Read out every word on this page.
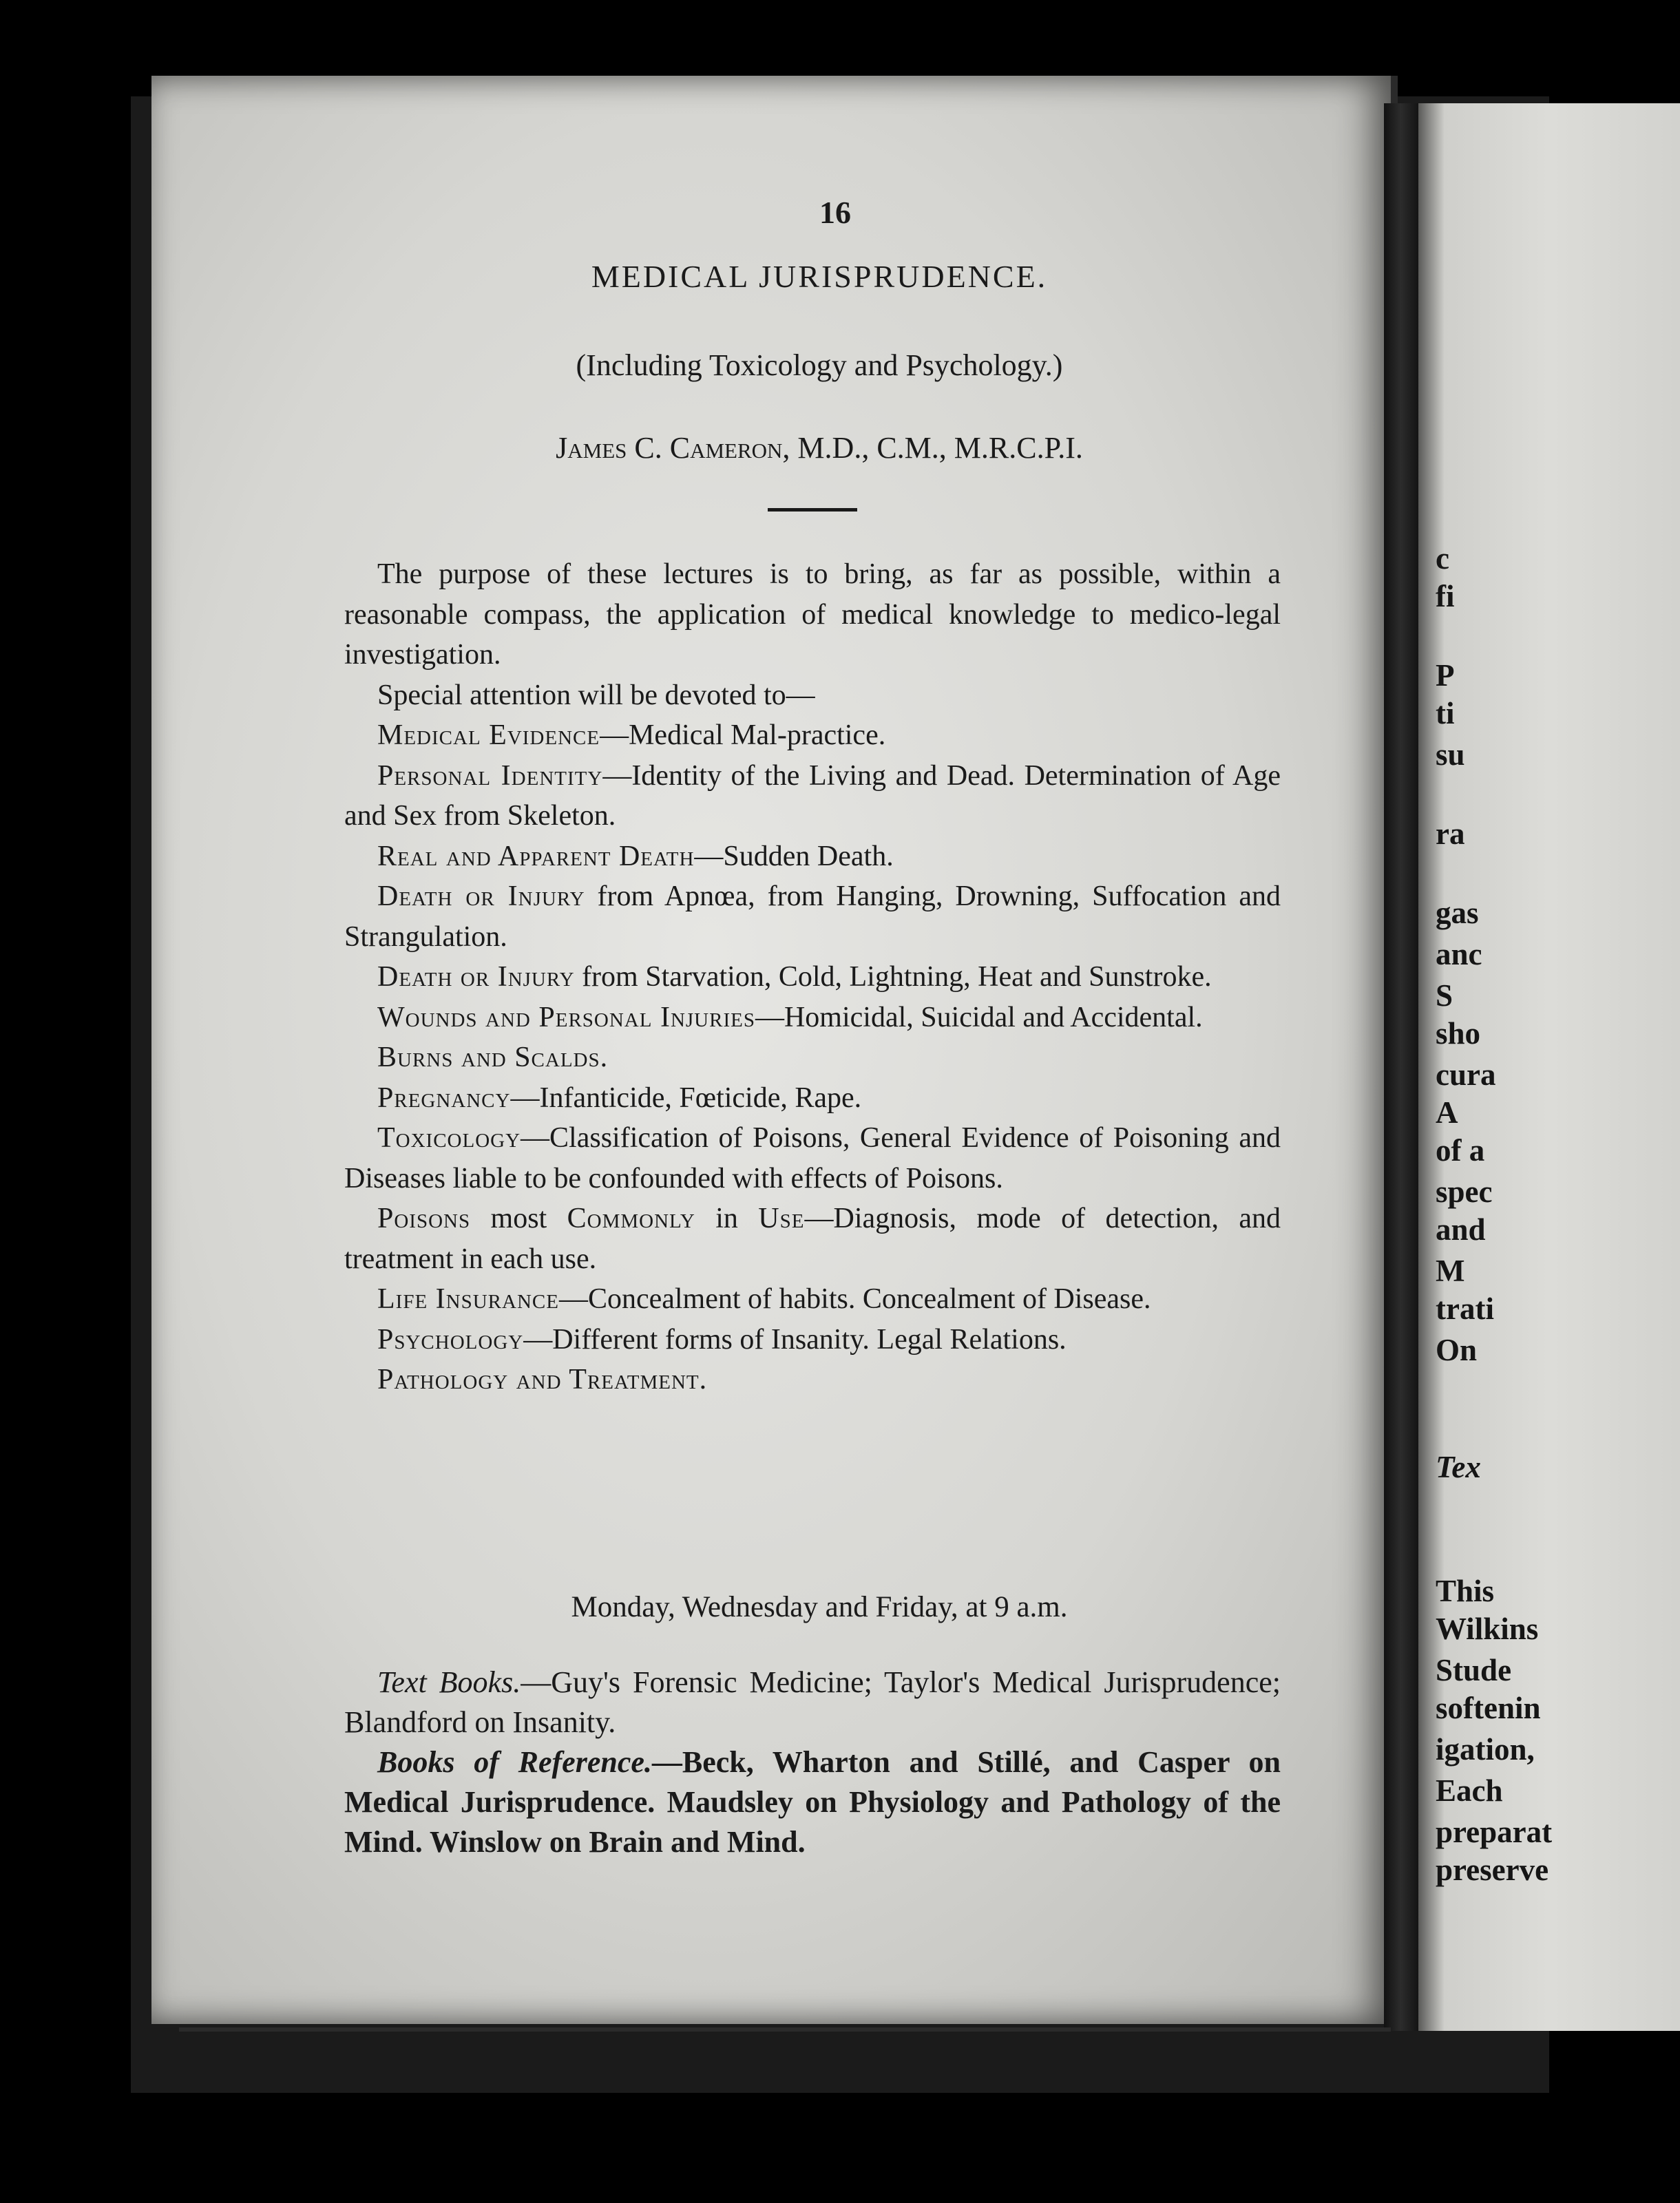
c
fi
P
ti
su
ra
gas
anc
S
sho
cura
A
of a
spec
and
M
trati
On
Tex
This
Wilkins
Stude
softenin
igation,
Each
preparat
preserve
16
MEDICAL JURISPRUDENCE.
(Including Toxicology and Psychology.)
James C. Cameron, M.D., C.M., M.R.C.P.I.

The purpose of these lectures is to bring, as far as possible, within a reasonable compass, the application of medical knowledge to medico-legal investigation.

Special attention will be devoted to—

Medical Evidence—Medical Mal-practice.

Personal Identity—Identity of the Living and Dead. Determination of Age and Sex from Skeleton.

Real and Apparent Death—Sudden Death.

Death or Injury from Apnœa, from Hanging, Drowning, Suffocation and Strangulation.

Death or Injury from Starvation, Cold, Lightning, Heat and Sunstroke.

Wounds and Personal Injuries—Homicidal, Suicidal and Accidental.

Burns and Scalds.

Pregnancy—Infanticide, Fœticide, Rape.

Toxicology—Classification of Poisons, General Evidence of Poisoning and Diseases liable to be confounded with effects of Poisons.

Poisons most Commonly in Use—Diagnosis, mode of detection, and treatment in each use.

Life Insurance—Concealment of habits. Concealment of Disease.

Psychology—Different forms of Insanity. Legal Relations.

Pathology and Treatment.

Monday, Wednesday and Friday, at 9 a.m.

Text Books.—Guy's Forensic Medicine; Taylor's Medical Jurisprudence; Blandford on Insanity.

Books of Reference.—Beck, Wharton and Stillé, and Casper on Medical Jurisprudence. Maudsley on Physiology and Pathology of the Mind. Winslow on Brain and Mind.
